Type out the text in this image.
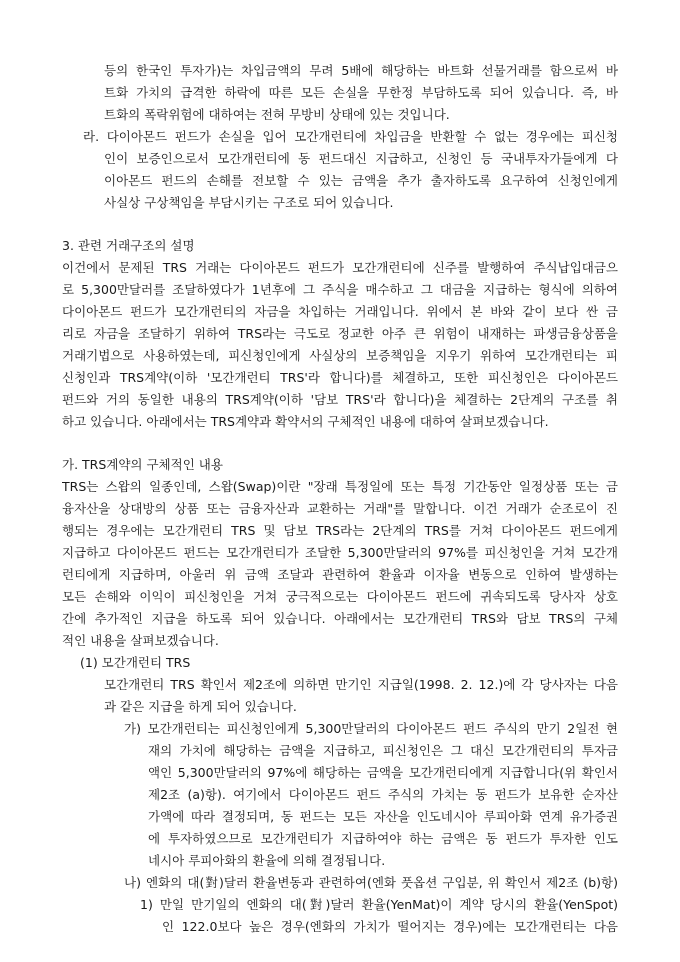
등의 한국인 투자가)는 차입금액의 무려 5배에 해당하는 바트화 선물거래를 함으로써 바
트화 가치의 급격한 하락에 따른 모든 손실을 무한정 부담하도록 되어 있습니다. 즉, 바
트화의 폭락위험에 대하여는 전혀 무방비 상태에 있는 것입니다.
라. 다이아몬드 펀드가 손실을 입어 모간개런티에 차입금을 반환할 수 없는 경우에는 피신청
인이 보증인으로서 모간개런티에 동 펀드대신 지급하고, 신청인 등 국내투자가들에게 다
이아몬드 펀드의 손해를 전보할 수 있는 금액을 추가 출자하도록 요구하여 신청인에게
사실상 구상책임을 부담시키는 구조로 되어 있습니다.
3. 관련 거래구조의 설명
이건에서 문제된 TRS 거래는 다이아몬드 펀드가 모간개런티에 신주를 발행하여 주식납입대금으
로 5,300만달러를 조달하였다가 1년후에 그 주식을 매수하고 그 대금을 지급하는 형식에 의하여
다이아몬드 펀드가 모간개런티의 자금을 차입하는 거래입니다. 위에서 본 바와 같이 보다 싼 금
리로 자금을 조달하기 위하여 TRS라는 극도로 정교한 아주 큰 위험이 내재하는 파생금융상품을
거래기법으로 사용하였는데, 피신청인에게 사실상의 보증책임을 지우기 위하여 모간개런티는 피
신청인과 TRS계약(이하 '모간개런티 TRS'라 합니다)를 체결하고, 또한 피신청인은 다이아몬드
펀드와 거의 동일한 내용의 TRS계약(이하 '담보 TRS'라 합니다)을 체결하는 2단계의 구조를 취
하고 있습니다. 아래에서는 TRS계약과 확약서의 구체적인 내용에 대하여 살펴보겠습니다.
가. TRS계약의 구체적인 내용
TRS는 스왑의 일종인데, 스왑(Swap)이란 "장래 특정일에 또는 특정 기간동안 일정상품 또는 금
융자산을 상대방의 상품 또는 금융자산과 교환하는 거래"를 말합니다. 이건 거래가 순조로이 진
행되는 경우에는 모간개런티 TRS 및 담보 TRS라는 2단계의 TRS를 거쳐 다이아몬드 펀드에게
지급하고 다이아몬드 펀드는 모간개런티가 조달한 5,300만달러의 97%를 피신청인을 거쳐 모간개
런티에게 지급하며, 아울러 위 금액 조달과 관련하여 환율과 이자율 변동으로 인하여 발생하는
모든 손해와 이익이 피신청인을 거쳐 궁극적으로는 다이아몬드 펀드에 귀속되도록 당사자 상호
간에 추가적인 지급을 하도록 되어 있습니다. 아래에서는 모간개런티 TRS와 담보 TRS의 구체
적인 내용을 살펴보겠습니다.
(1) 모간개런티 TRS
모간개런티 TRS 확인서 제2조에 의하면 만기인 지급일(1998. 2. 12.)에 각 당사자는 다음
과 같은 지급을 하게 되어 있습니다.
가) 모간개런티는 피신청인에게 5,300만달러의 다이아몬드 펀드 주식의 만기 2일전 현
재의 가치에 해당하는 금액을 지급하고, 피신청인은 그 대신 모간개런티의 투자금
액인 5,300만달러의 97%에 해당하는 금액을 모간개런티에게 지급합니다(위 확인서
제2조 (a)항). 여기에서 다이아몬드 펀드 주식의 가치는 동 펀드가 보유한 순자산
가액에 따라 결정되며, 동 펀드는 모든 자산을 인도네시아 루피아화 연계 유가증권
에 투자하였으므로 모간개런티가 지급하여야 하는 금액은 동 펀드가 투자한 인도
네시아 루피아화의 환율에 의해 결정됩니다.
나) 엔화의 대(對)달러 환율변동과 관련하여(엔화 풋옵션 구입분, 위 확인서 제2조 (b)항)
1) 만일 만기일의 엔화의 대(對)달러 환율(YenMat)이 계약 당시의 환율(YenSpot)
인 122.0보다 높은 경우(엔화의 가치가 떨어지는 경우)에는 모간개런티는 다음
